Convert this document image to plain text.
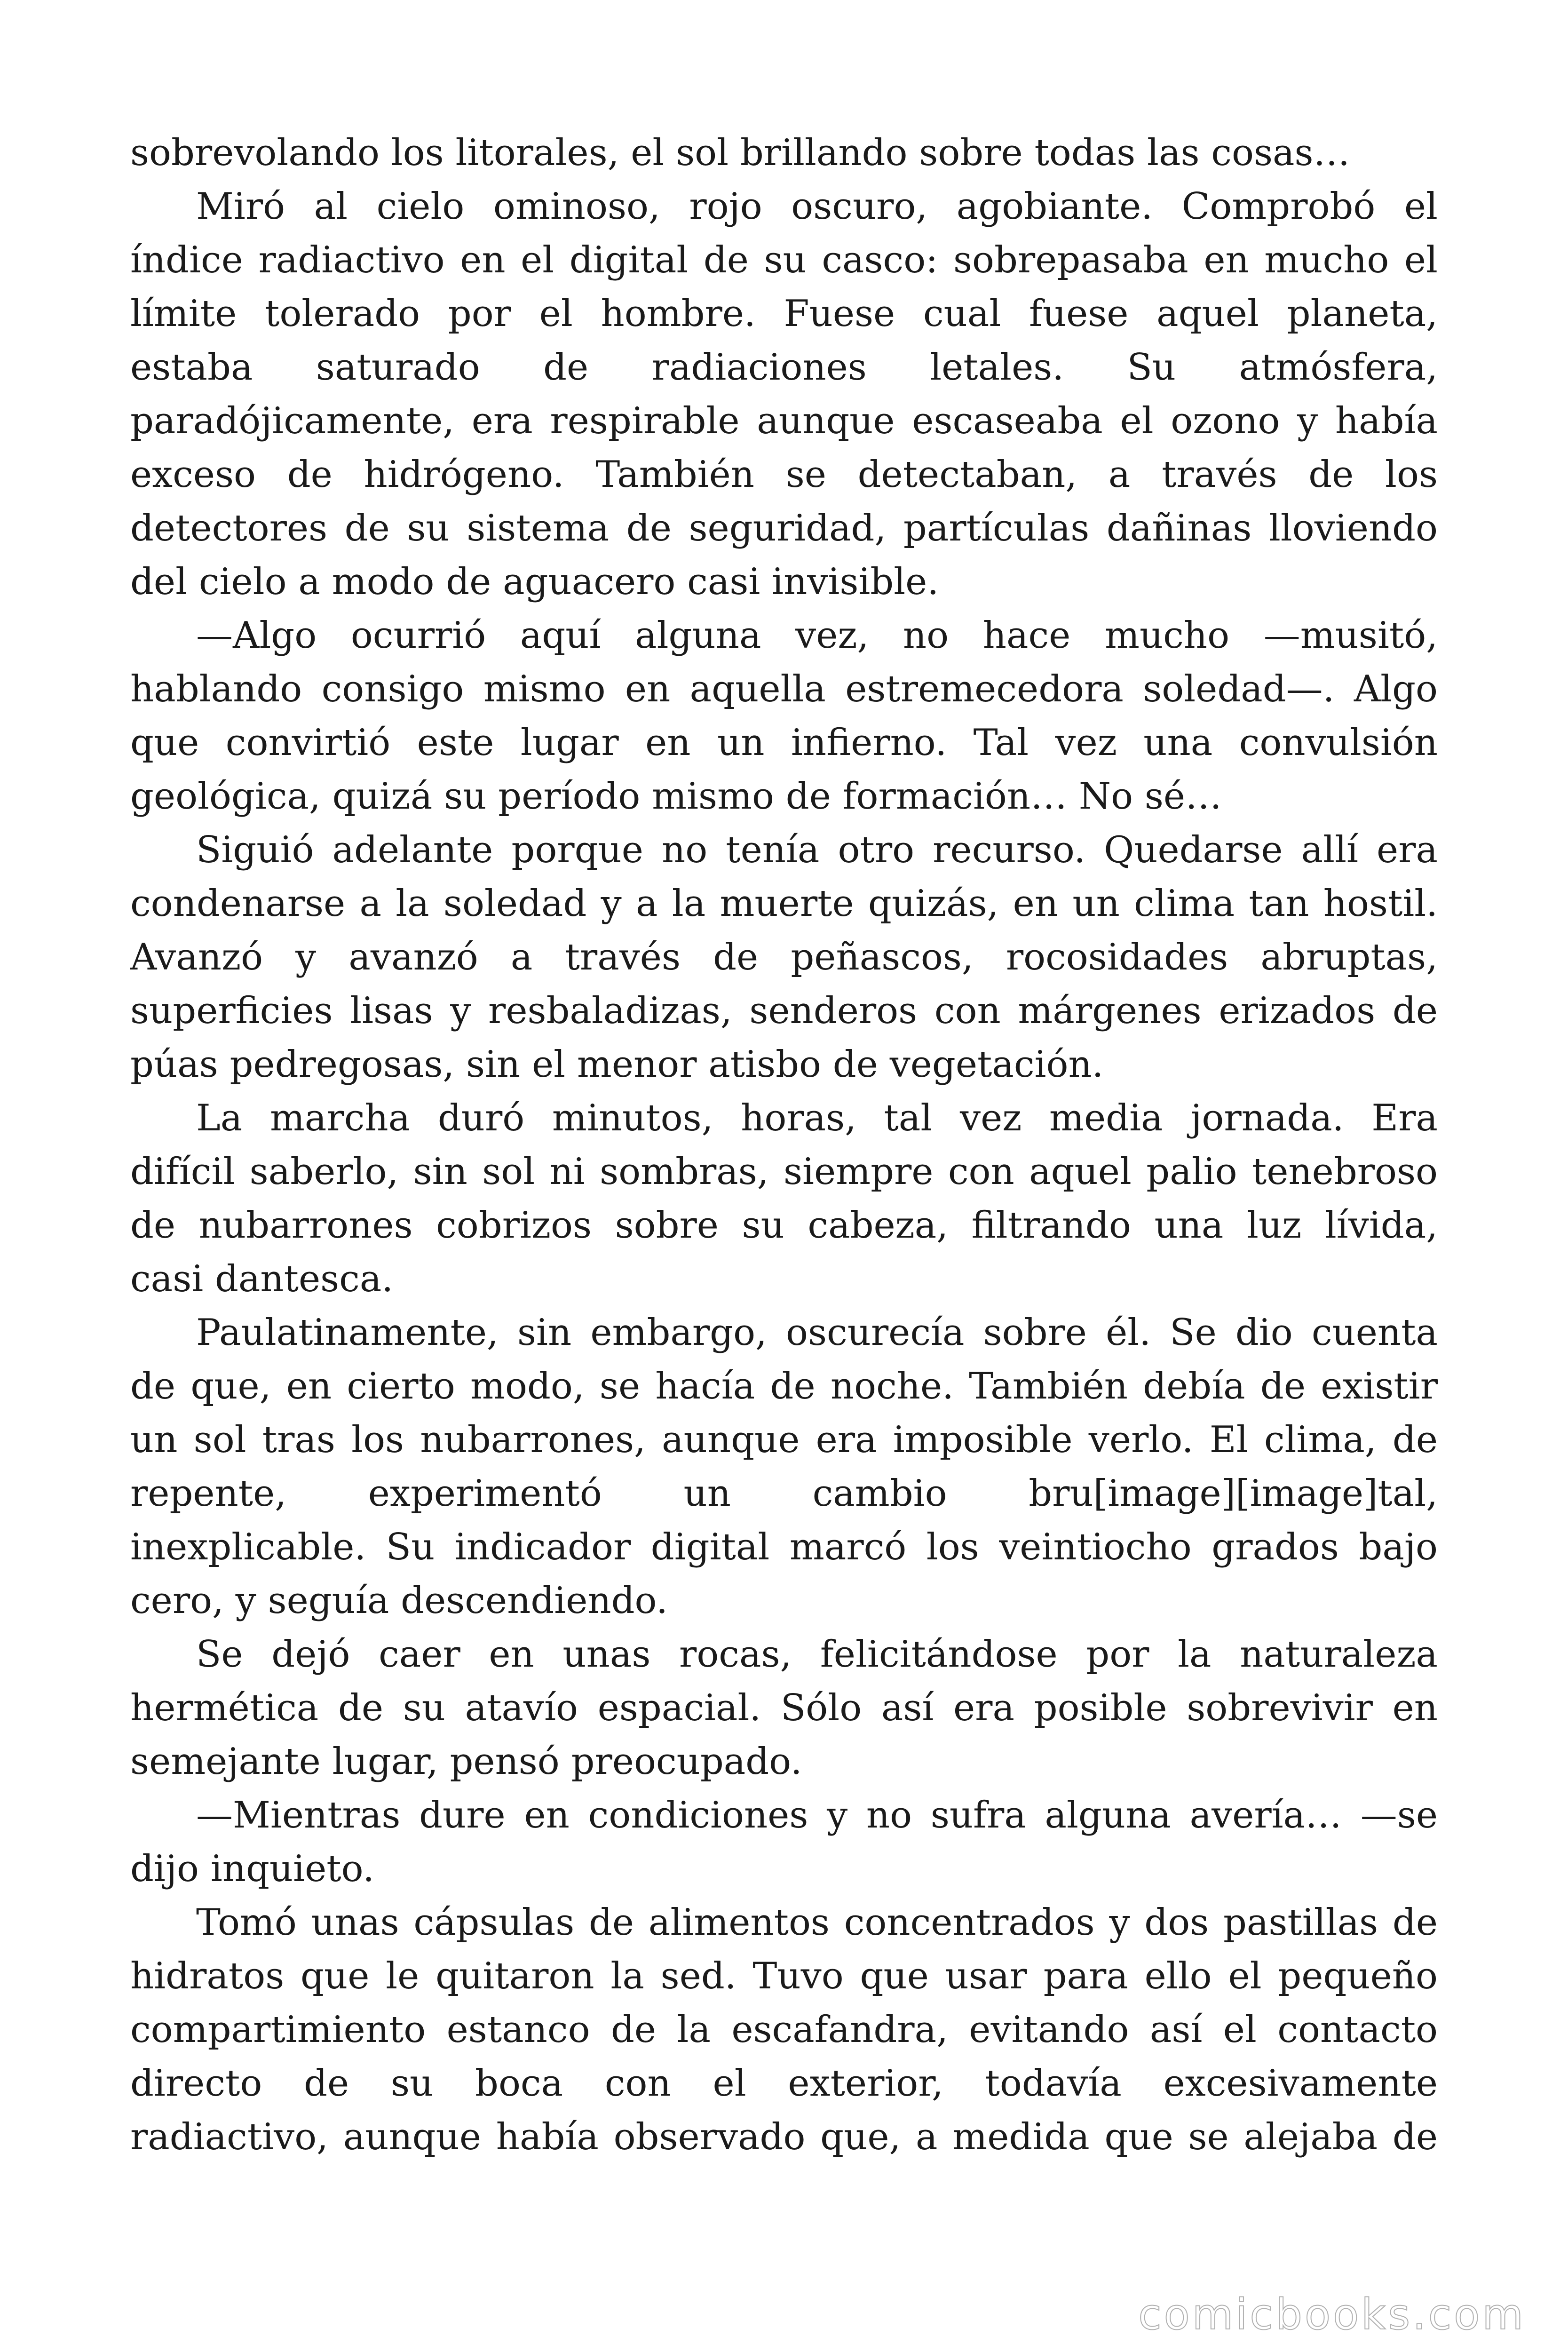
sobrevolando los litorales, el sol brillando sobre todas las cosas…
Miró al cielo ominoso, rojo oscuro, agobiante. Comprobó el
índice radiactivo en el digital de su casco: sobrepasaba en mucho el
límite tolerado por el hombre. Fuese cual fuese aquel planeta,
estaba saturado de radiaciones letales. Su atmósfera,
paradójicamente, era respirable aunque escaseaba el ozono y había
exceso de hidrógeno. También se detectaban, a través de los
detectores de su sistema de seguridad, partículas dañinas lloviendo
del cielo a modo de aguacero casi invisible.
—Algo ocurrió aquí alguna vez, no hace mucho —musitó,
hablando consigo mismo en aquella estremecedora soledad—. Algo
que convirtió este lugar en un infierno. Tal vez una convulsión
geológica, quizá su período mismo de formación… No sé…
Siguió adelante porque no tenía otro recurso. Quedarse allí era
condenarse a la soledad y a la muerte quizás, en un clima tan hostil.
Avanzó y avanzó a través de peñascos, rocosidades abruptas,
superficies lisas y resbaladizas, senderos con márgenes erizados de
púas pedregosas, sin el menor atisbo de vegetación.
La marcha duró minutos, horas, tal vez media jornada. Era
difícil saberlo, sin sol ni sombras, siempre con aquel palio tenebroso
de nubarrones cobrizos sobre su cabeza, filtrando una luz lívida,
casi dantesca.
Paulatinamente, sin embargo, oscurecía sobre él. Se dio cuenta
de que, en cierto modo, se hacía de noche. También debía de existir
un sol tras los nubarrones, aunque era imposible verlo. El clima, de
repente, experimentó un cambio bru[image][image]tal,
inexplicable. Su indicador digital marcó los veintiocho grados bajo
cero, y seguía descendiendo.
Se dejó caer en unas rocas, felicitándose por la naturaleza
hermética de su atavío espacial. Sólo así era posible sobrevivir en
semejante lugar, pensó preocupado.
—Mientras dure en condiciones y no sufra alguna avería… —se
dijo inquieto.
Tomó unas cápsulas de alimentos concentrados y dos pastillas de
hidratos que le quitaron la sed. Tuvo que usar para ello el pequeño
compartimiento estanco de la escafandra, evitando así el contacto
directo de su boca con el exterior, todavía excesivamente
radiactivo, aunque había observado que, a medida que se alejaba de
comicbooks.com
